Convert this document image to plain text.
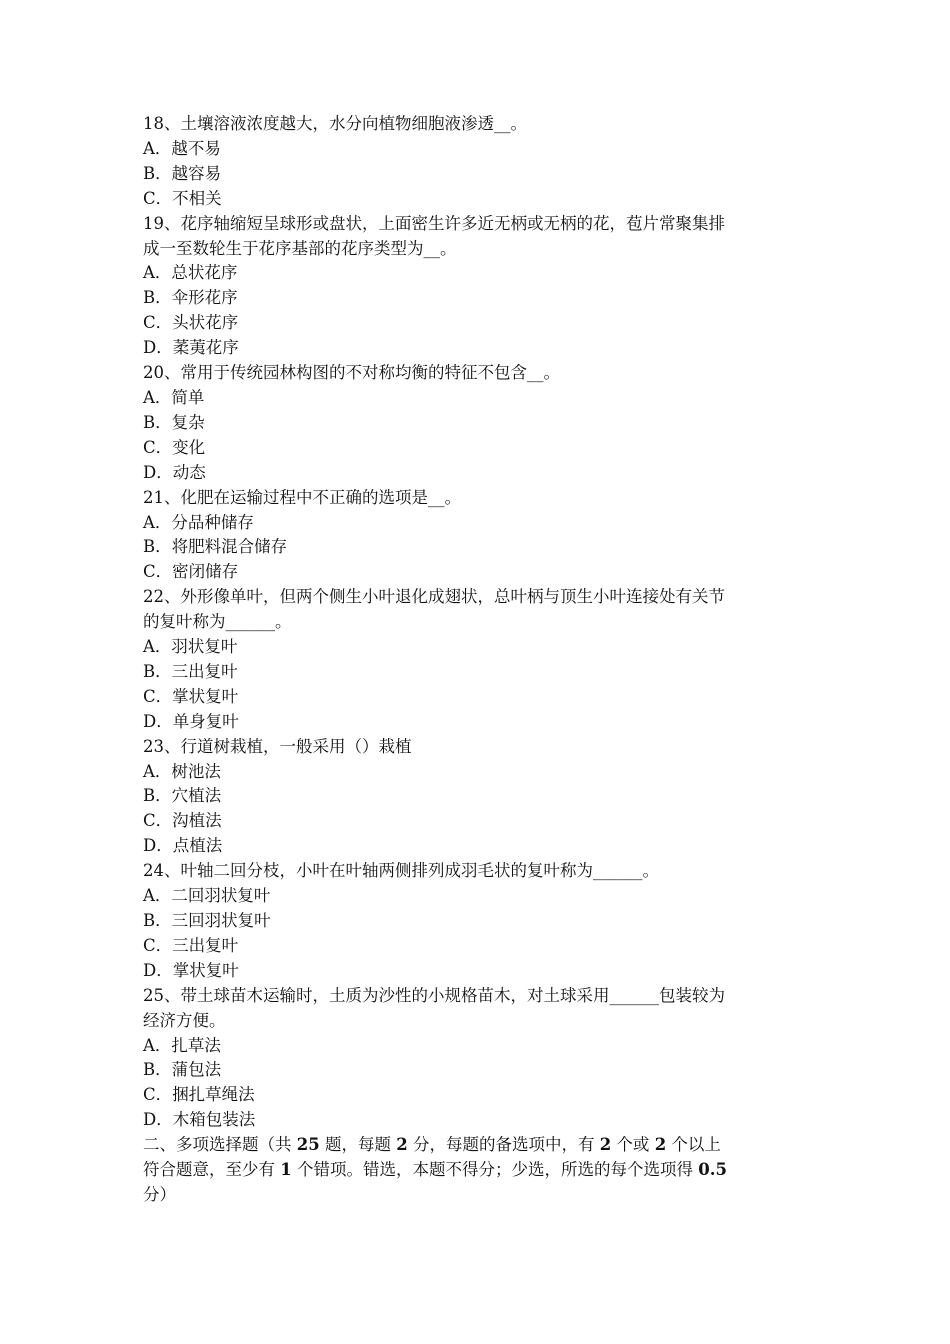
18、土壤溶液浓度越大，水分向植物细胞液渗透__。
A．越不易
B．越容易
C．不相关
19、花序轴缩短呈球形或盘状，上面密生许多近无柄或无柄的花，苞片常聚集排
成一至数轮生于花序基部的花序类型为__。
A．总状花序
B．伞形花序
C．头状花序
D．葇荑花序
20、常用于传统园林构图的不对称均衡的特征不包含__。
A．简单
B．复杂
C．变化
D．动态
21、化肥在运输过程中不正确的选项是__。
A．分品种储存
B．将肥料混合储存
C．密闭储存
22、外形像单叶，但两个侧生小叶退化成翅状，总叶柄与顶生小叶连接处有关节
的复叶称为______。
A．羽状复叶
B．三出复叶
C．掌状复叶
D．单身复叶
23、行道树栽植，一般采用（）栽植
A．树池法
B．穴植法
C．沟植法
D．点植法
24、叶轴二回分枝，小叶在叶轴两侧排列成羽毛状的复叶称为______。
A．二回羽状复叶
B．三回羽状复叶
C．三出复叶
D．掌状复叶
25、带土球苗木运输时，土质为沙性的小规格苗木，对土球采用______包装较为
经济方便。
A．扎草法
B．蒲包法
C．捆扎草绳法
D．木箱包装法
二、多项选择题（共 25 题，每题 2 分，每题的备选项中，有 2 个或 2 个以上
符合题意，至少有 1 个错项。错选，本题不得分；少选，所选的每个选项得 0.5
分）
